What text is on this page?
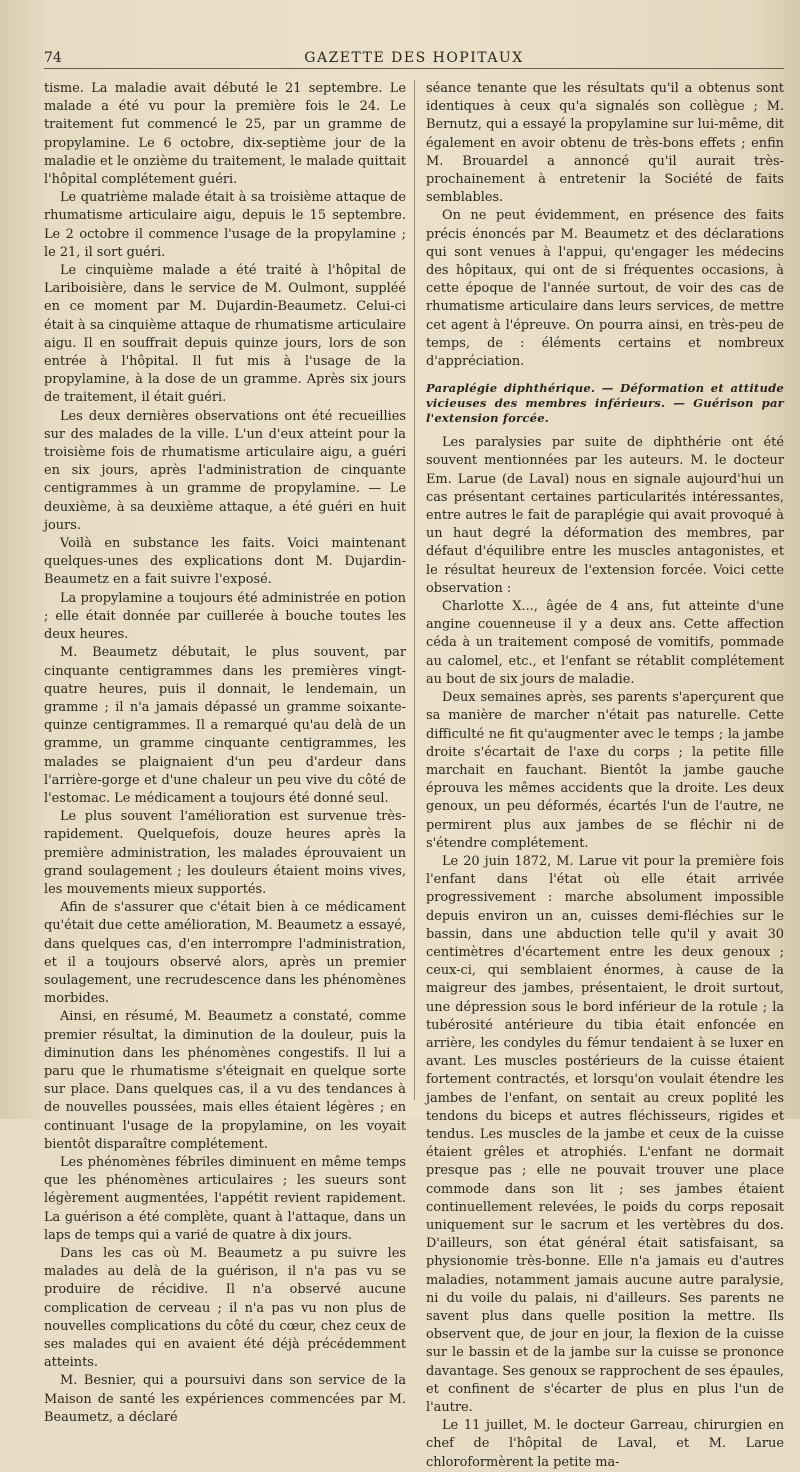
74	GAZETTE DES HOPITAUX

tisme. La maladie avait débuté le 21 septembre. Le malade a été vu pour la première fois le 24. Le traitement fut commencé le 25, par un gramme de propylamine. Le 6 octobre, dix-septième jour de la maladie et le onzième du traitement, le malade quittait l'hôpital complétement guéri.

Le quatrième malade était à sa troisième attaque de rhumatisme articulaire aigu, depuis le 15 septembre. Le 2 octobre il commence l'usage de la propylamine ; le 21, il sort guéri.

Le cinquième malade a été traité à l'hôpital de Lariboisière, dans le service de M. Oulmont, suppléé en ce moment par M. Dujardin-Beaumetz. Celui-ci était à sa cinquième attaque de rhumatisme articulaire aigu. Il en souffrait depuis quinze jours, lors de son entrée à l'hôpital. Il fut mis à l'usage de la propylamine, à la dose de un gramme. Après six jours de traitement, il était guéri.

Les deux dernières observations ont été recueillies sur des malades de la ville. L'un d'eux atteint pour la troisième fois de rhumatisme articulaire aigu, a guéri en six jours, après l'administration de cinquante centigrammes à un gramme de propylamine. — Le deuxième, à sa deuxième attaque, a été guéri en huit jours.

Voilà en substance les faits. Voici maintenant quelques-unes des explications dont M. Dujardin-Beaumetz en a fait suivre l'exposé.

La propylamine a toujours été administrée en potion ; elle était donnée par cuillerée à bouche toutes les deux heures.

M. Beaumetz débutait, le plus souvent, par cinquante centigrammes dans les premières vingt-quatre heures, puis il donnait, le lendemain, un gramme ; il n'a jamais dépassé un gramme soixante-quinze centigrammes. Il a remarqué qu'au delà de un gramme, un gramme cinquante centigrammes, les malades se plaignaient d'un peu d'ardeur dans l'arrière-gorge et d'une chaleur un peu vive du côté de l'estomac. Le médicament a toujours été donné seul.

Le plus souvent l'amélioration est survenue très-rapidement. Quelquefois, douze heures après la première administration, les malades éprouvaient un grand soulagement ; les douleurs étaient moins vives, les mouvements mieux supportés.

Afin de s'assurer que c'était bien à ce médicament qu'était due cette amélioration, M. Beaumetz a essayé, dans quelques cas, d'en interrompre l'administration, et il a toujours observé alors, après un premier soulagement, une recrudescence dans les phénomènes morbides.

Ainsi, en résumé, M. Beaumetz a constaté, comme premier résultat, la diminution de la douleur, puis la diminution dans les phénomènes congestifs. Il lui a paru que le rhumatisme s'éteignait en quelque sorte sur place. Dans quelques cas, il a vu des tendances à de nouvelles poussées, mais elles étaient légères ; en continuant l'usage de la propylamine, on les voyait bientôt disparaître complétement.

Les phénomènes fébriles diminuent en même temps que les phénomènes articulaires ; les sueurs sont légèrement augmentées, l'appétit revient rapidement. La guérison a été complète, quant à l'attaque, dans un laps de temps qui a varié de quatre à dix jours.

Dans les cas où M. Beaumetz a pu suivre les malades au delà de la guérison, il n'a pas vu se produire de récidive. Il n'a observé aucune complication de cerveau ; il n'a pas vu non plus de nouvelles complications du côté du cœur, chez ceux de ses malades qui en avaient été déjà précédemment atteints.

M. Besnier, qui a poursuivi dans son service de la Maison de santé les expériences commencées par M. Beaumetz, a déclaré

séance tenante que les résultats qu'il a obtenus sont identiques à ceux qu'a signalés son collègue ; M. Bernutz, qui a essayé la propylamine sur lui-même, dit également en avoir obtenu de très-bons effets ; enfin M. Brouardel a annoncé qu'il aurait très-prochainement à entretenir la Société de faits semblables.

On ne peut évidemment, en présence des faits précis énoncés par M. Beaumetz et des déclarations qui sont venues à l'appui, qu'engager les médecins des hôpitaux, qui ont de si fréquentes occasions, à cette époque de l'année surtout, de voir des cas de rhumatisme articulaire dans leurs services, de mettre cet agent à l'épreuve. On pourra ainsi, en très-peu de temps, de : éléments certains et nombreux d'appréciation.

Paraplégie diphthérique. — Déformation et attitude vicieuses des membres inférieurs. — Guérison par l'extension forcée.

Les paralysies par suite de diphthérie ont été souvent mentionnées par les auteurs. M. le docteur Em. Larue (de Laval) nous en signale aujourd'hui un cas présentant certaines particularités intéressantes, entre autres le fait de paraplégie qui avait provoqué à un haut degré la déformation des membres, par défaut d'équilibre entre les muscles antagonistes, et le résultat heureux de l'extension forcée. Voici cette observation :

Charlotte X..., âgée de 4 ans, fut atteinte d'une angine couenneuse il y a deux ans. Cette affection céda à un traitement composé de vomitifs, pommade au calomel, etc., et l'enfant se rétablit complétement au bout de six jours de maladie.

Deux semaines après, ses parents s'aperçurent que sa manière de marcher n'était pas naturelle. Cette difficulté ne fit qu'augmenter avec le temps ; la jambe droite s'écartait de l'axe du corps ; la petite fille marchait en fauchant. Bientôt la jambe gauche éprouva les mêmes accidents que la droite. Les deux genoux, un peu déformés, écartés l'un de l'autre, ne permirent plus aux jambes de se fléchir ni de s'étendre complétement.

Le 20 juin 1872, M. Larue vit pour la première fois l'enfant dans l'état où elle était arrivée progressivement : marche absolument impossible depuis environ un an, cuisses demi-fléchies sur le bassin, dans une abduction telle qu'il y avait 30 centimètres d'écartement entre les deux genoux ; ceux-ci, qui semblaient énormes, à cause de la maigreur des jambes, présentaient, le droit surtout, une dépression sous le bord inférieur de la rotule ; la tubérosité antérieure du tibia était enfoncée en arrière, les condyles du fémur tendaient à se luxer en avant. Les muscles postérieurs de la cuisse étaient fortement contractés, et lorsqu'on voulait étendre les jambes de l'enfant, on sentait au creux poplité les tendons du biceps et autres fléchisseurs, rigides et tendus. Les muscles de la jambe et ceux de la cuisse étaient grêles et atrophiés. L'enfant ne dormait presque pas ; elle ne pouvait trouver une place commode dans son lit ; ses jambes étaient continuellement relevées, le poids du corps reposait uniquement sur le sacrum et les vertèbres du dos. D'ailleurs, son état général était satisfaisant, sa physionomie très-bonne. Elle n'a jamais eu d'autres maladies, notamment jamais aucune autre paralysie, ni du voile du palais, ni d'ailleurs. Ses parents ne savent plus dans quelle position la mettre. Ils observent que, de jour en jour, la flexion de la cuisse sur le bassin et de la jambe sur la cuisse se prononce davantage. Ses genoux se rapprochent de ses épaules, et confinent de s'écarter de plus en plus l'un de l'autre.

Le 11 juillet, M. le docteur Garreau, chirurgien en chef de l'hôpital de Laval, et M. Larue chloroformèrent la petite ma-
